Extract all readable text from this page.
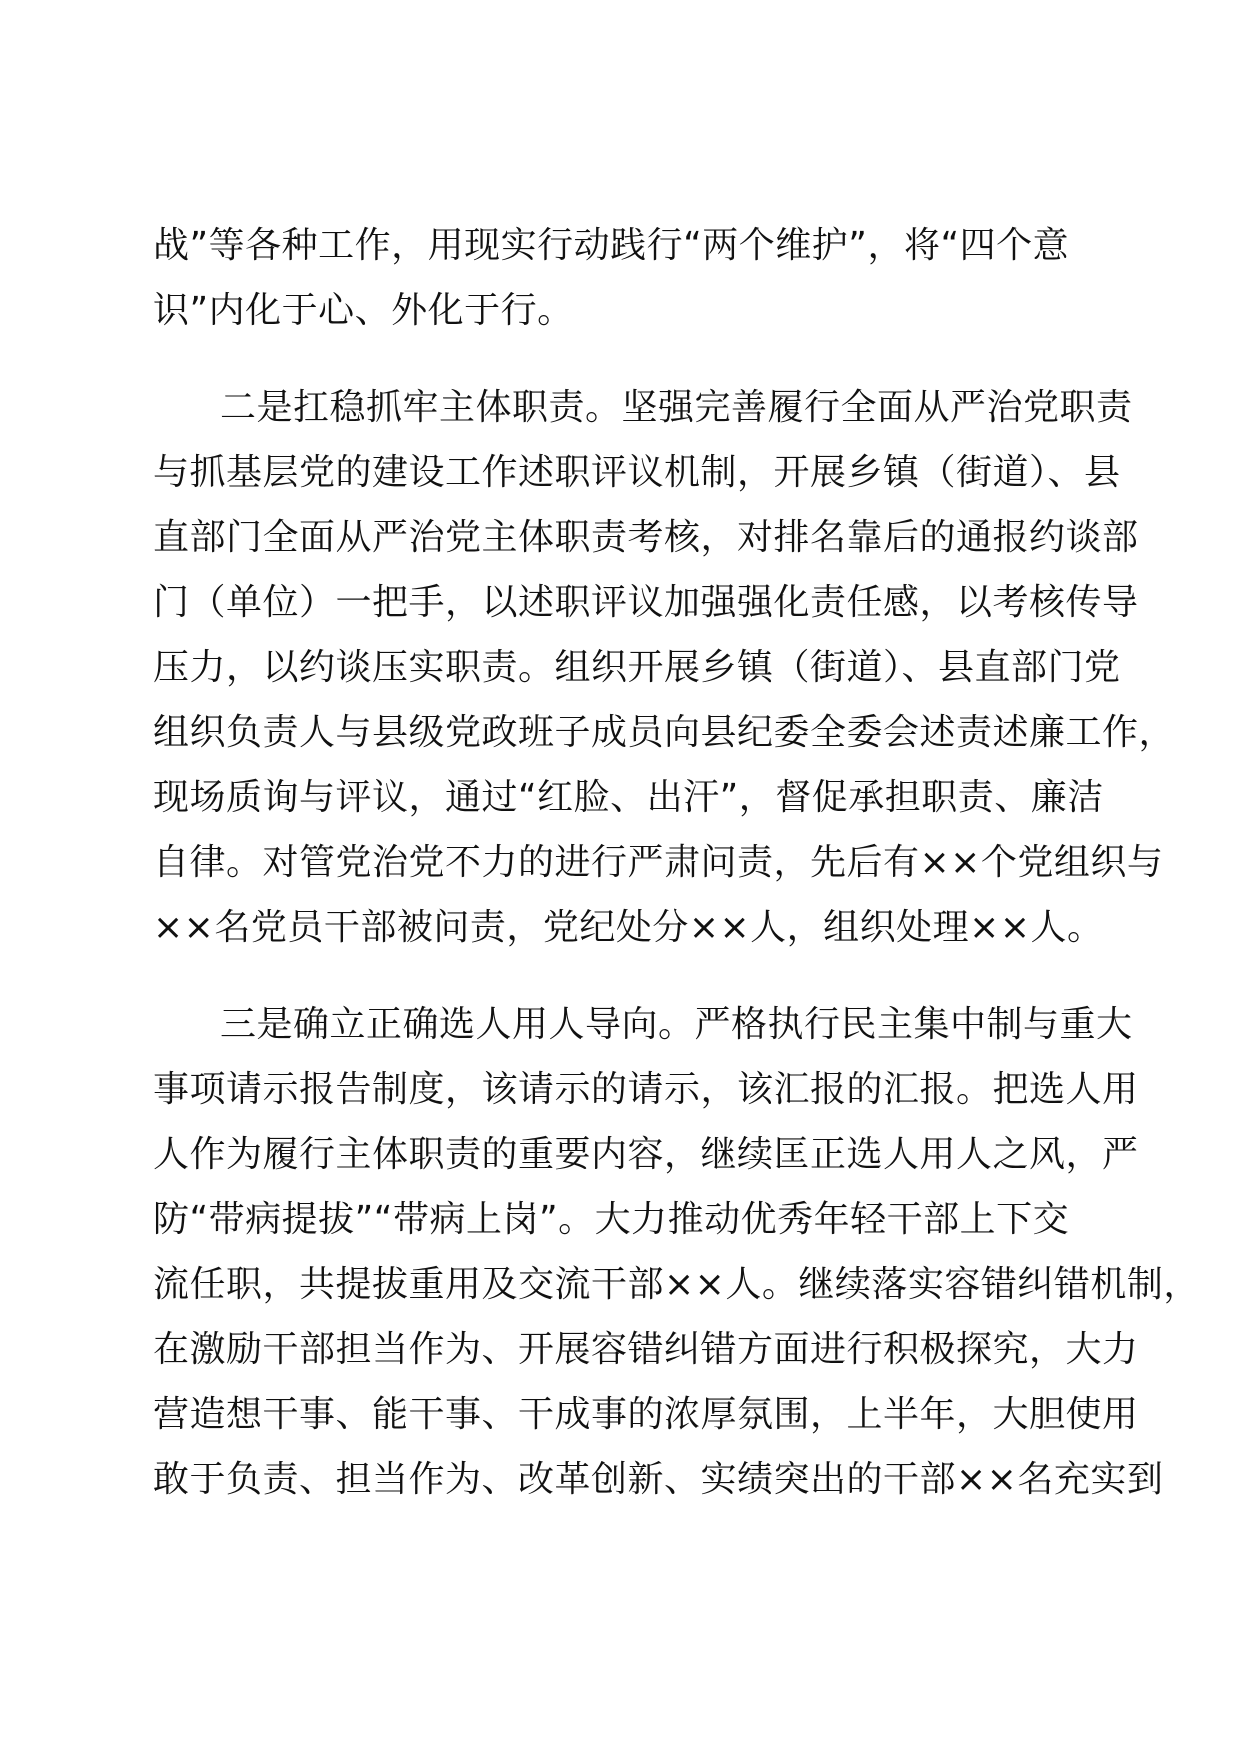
战”等各种工作，用现实行动践行“两个维护”，将“四个意
识”内化于心、外化于行。
二是扛稳抓牢主体职责。坚强完善履行全面从严治党职责
与抓基层党的建设工作述职评议机制，开展乡镇（街道）、县
直部门全面从严治党主体职责考核，对排名靠后的通报约谈部
门（单位）一把手，以述职评议加强强化责任感，以考核传导
压力，以约谈压实职责。组织开展乡镇（街道）、县直部门党
组织负责人与县级党政班子成员向县纪委全委会述责述廉工作，
现场质询与评议，通过“红脸、出汗”，督促承担职责、廉洁
自律。对管党治党不力的进行严肃问责，先后有××个党组织与
××名党员干部被问责，党纪处分××人，组织处理××人。
三是确立正确选人用人导向。严格执行民主集中制与重大
事项请示报告制度，该请示的请示，该汇报的汇报。把选人用
人作为履行主体职责的重要内容，继续匡正选人用人之风，严
防“带病提拔”“带病上岗”。大力推动优秀年轻干部上下交
流任职，共提拔重用及交流干部××人。继续落实容错纠错机制，
在激励干部担当作为、开展容错纠错方面进行积极探究，大力
营造想干事、能干事、干成事的浓厚氛围，上半年，大胆使用
敢于负责、担当作为、改革创新、实绩突出的干部××名充实到
